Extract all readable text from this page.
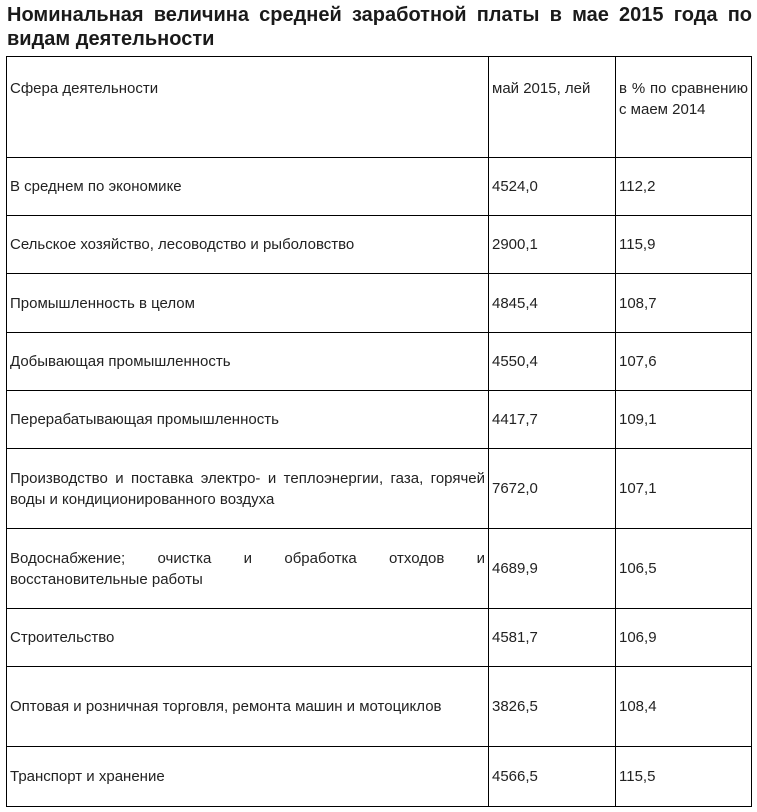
Номинальная величина средней заработной платы в мае 2015 года по видам деятельности
Сфера деятельности	май 2015, лей	в % по сравнению с маем 2014

В среднем по экономике	4524,0	112,2
Сельское хозяйство, лесоводство и рыболовство	2900,1	115,9
Промышленность в целом	4845,4	108,7
Добывающая промышленность	4550,4	107,6
Перерабатывающая промышленность	4417,7	109,1
Производство и поставка электро- и теплоэнергии, газа, горячей воды и кондиционированного воздуха	7672,0	107,1
Водоснабжение; очистка и обработка отходов и восстановительные работы	4689,9	106,5
Строительство	4581,7	106,9
Оптовая и розничная торговля, ремонта машин и мотоциклов	3826,5	108,4
Транспорт и хранение	4566,5	115,5
